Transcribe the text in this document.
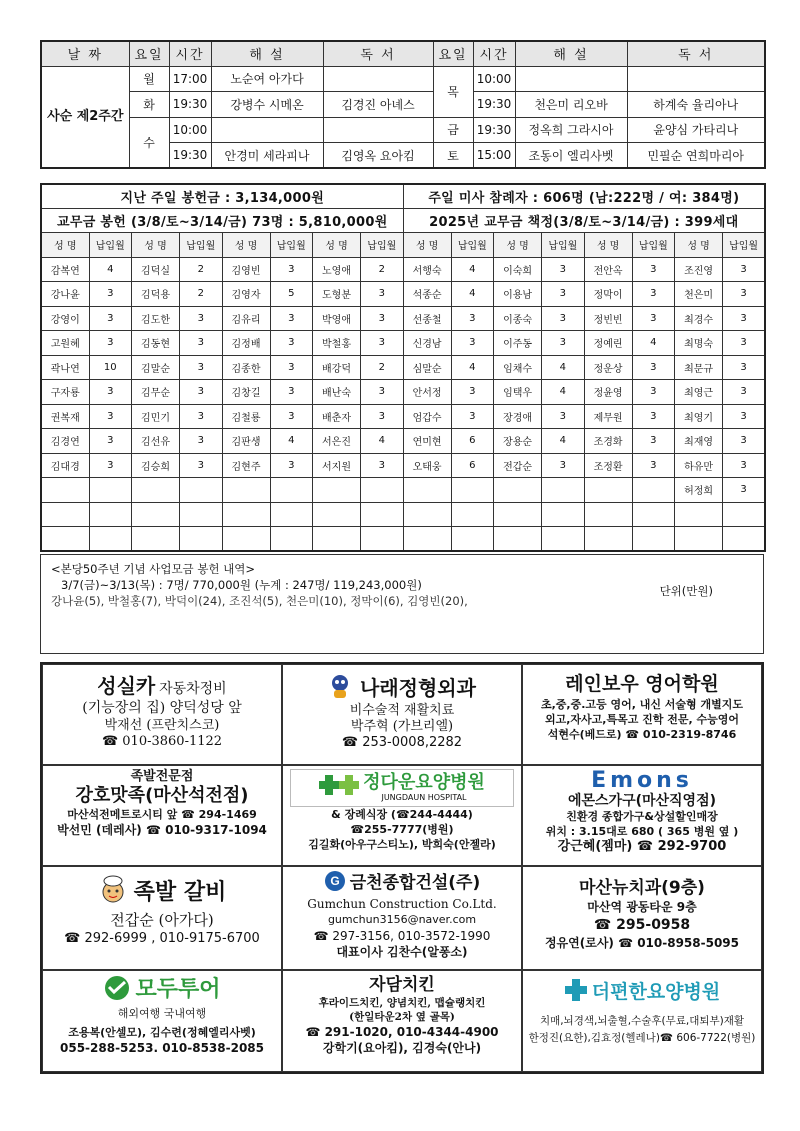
날 짜	요일	시간	해 설	독 서	요일	시간	해 설	독 서
사순 제2주간	월	17:00	노순여 아가다		목	10:00		
	화	19:30	강병수 시메온	김경진 아녜스		19:30	천은미 리오바	하계숙 율리아나
	수	10:00			금	19:30	정옥희 그라시아	윤양심 가타리나
		19:30	안경미 세라피나	김영옥 요아킴	토	15:00	조동이 엘리사벳	민필순 연희마리아
지난 주일 봉헌금 : 3,134,000원								주일 미사 참례자 : 606명 (남:222명 / 여: 384명)							
교무금 봉헌 (3/8/토~3/14/금) 73명 : 5,810,000원								2025년 교무금 책정(3/8/토~3/14/금) : 399세대							
성 명	납입월	성 명	납입월	성 명	납입월	성 명	납입월	성 명	납입월	성 명	납입월	성 명	납입월	성 명	납입월
감복연	4	김덕실	2	김영빈	3	노영애	2	서행숙	4	이숙희	3	전안옥	3	조진영	3
강나윤	3	김덕용	2	김영자	5	도형분	3	석종순	4	이용남	3	정막이	3	천은미	3
강영이	3	김도한	3	김유리	3	박영애	3	선종철	3	이종숙	3	정빈빈	3	최경수	3
고원혜	3	김동현	3	김정배	3	박철홍	3	신경남	3	이주동	3	정예린	4	최명숙	3
곽나연	10	김말순	3	김종한	3	배강덕	2	심말순	4	임채수	4	정운상	3	최문규	3
구자룡	3	김무순	3	김창길	3	배난숙	3	안서정	3	임택우	4	정윤영	3	최영근	3
권복재	3	김민기	3	김철룡	3	배춘자	3	엄갑수	3	장경애	3	제무원	3	최영기	3
김경연	3	김선유	3	김판생	4	서은진	4	연미현	6	장용순	4	조경화	3	최재영	3
김대경	3	김승희	3	김현주	3	서지원	3	오태웅	6	전갑순	3	조정환	3	하유만	3
														허정희	3

<본당50주년 기념 사업모금 봉헌 내역>
3/7(금)~3/13(목) : 7명/ 770,000원 (누계 : 247명/ 119,243,000원)	단위(만원)
강나윤(5), 박철홍(7), 박덕이(24), 조진석(5), 천은미(10), 정막이(6), 김영빈(20),
성실카 자동차정비
(기능장의 집) 양덕성당 앞
박재선 (프란치스코)
☎ 010-3860-1122
나래정형외과
비수술적 재활치료
박주혁 (가브리엘)
☎ 253-0008,2282
레인보우 영어학원
초,중,중.고등 영어, 내신 서술형 개별지도
외고,자사고,특목고 진학 전문, 수능영어
석현수(베드로) ☎ 010-2319-8746
족발전문점
강호맛족(마산석전점)
마산석전메트로시티 앞 ☎ 294-1469
박선민 (데레사) ☎ 010-9317-1094
정다운요양병원
JUNGDAUN HOSPITAL
& 장례식장 (☎244-4444)
☎255-7777(병원)
김길화(아우구스티노), 박희숙(안젤라)
Emons
에몬스가구(마산직영점)
친환경 종합가구&상설할인매장
위치 : 3.15대로 680 ( 365 병원 옆 )
강근혜(젬마) ☎ 292-9700
족발 갈비
전갑순 (아가다)
☎ 292-6999 , 010-9175-6700
G 금천종합건설(주)
Gumchun Construction Co.Ltd.
gumchun3156@naver.com
☎ 297-3156, 010-3572-1990
대표이사 김찬수(알퐁소)
마산뉴치과(9층)
마산역 광동타운 9층
☎ 295-0958
정유연(로사) ☎ 010-8958-5095
모두투어
해외여행 국내여행
조용복(안셀모), 김수련(정혜엘리사벳)
055-288-5253. 010-8538-2085
자담치킨
후라이드치킨, 양념치킨, 맵슐랭치킨
(한일타운2차 옆 골목)
☎ 291-1020, 010-4344-4900
강학기(요아킴), 김경숙(안나)
더편한요양병원
치매,뇌경색,뇌출혈,수술후(무료,대퇴부)재활
한정진(요한),김효정(헬레나)☎ 606-7722(병원)
